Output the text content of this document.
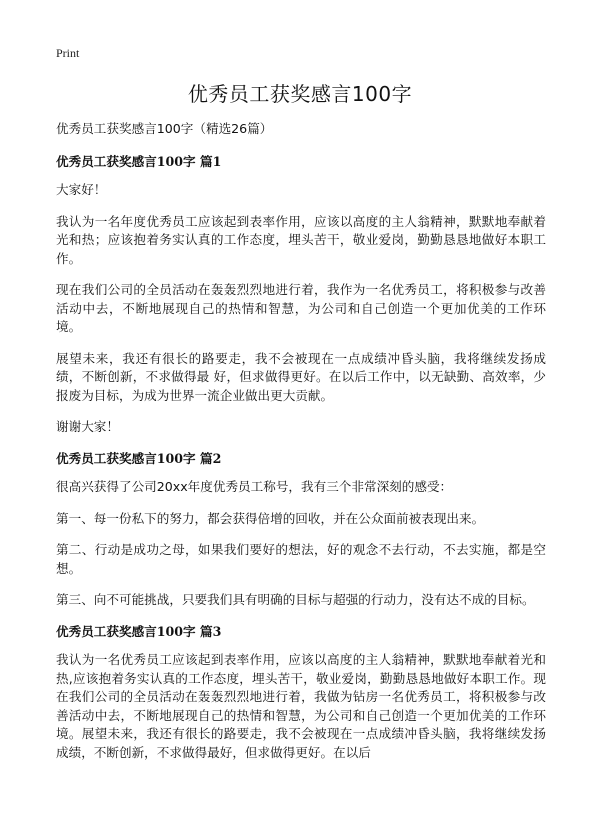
Print
优秀员工获奖感言100字

优秀员工获奖感言100字（精选26篇）

优秀员工获奖感言100字 篇1

大家好！

我认为一名年度优秀员工应该起到表率作用，应该以高度的主人翁精神，默默地奉献着光和热；应该抱着务实认真的工作态度，埋头苦干，敬业爱岗，勤勤恳恳地做好本职工作。

现在我们公司的全员活动在轰轰烈烈地进行着，我作为一名优秀员工，将积极参与改善活动中去，不断地展现自己的热情和智慧，为公司和自己创造一个更加优美的工作环境。

展望未来，我还有很长的路要走，我不会被现在一点成绩冲昏头脑，我将继续发扬成绩，不断创新，不求做得最 好，但求做得更好。在以后工作中，以无缺勤、高效率，少报废为目标，为成为世界一流企业做出更大贡献。

谢谢大家！

优秀员工获奖感言100字 篇2

很高兴获得了公司20xx年度优秀员工称号，我有三个非常深刻的感受：

第一、每一份私下的努力，都会获得倍增的回收，并在公众面前被表现出来。

第二、行动是成功之母，如果我们要好的想法，好的观念不去行动，不去实施，都是空想。

第三、向不可能挑战，只要我们具有明确的目标与超强的行动力，没有达不成的目标。

优秀员工获奖感言100字 篇3

我认为一名优秀员工应该起到表率作用，应该以高度的主人翁精神，默默地奉献着光和热,应该抱着务实认真的工作态度，埋头苦干，敬业爱岗，勤勤恳恳地做好本职工作。现在我们公司的全员活动在轰轰烈烈地进行着，我做为钻房一名优秀员工，将积极参与改善活动中去，不断地展现自己的热情和智慧，为公司和自己创造一个更加优美的工作环境。展望未来，我还有很长的路要走，我不会被现在一点成绩冲昏头脑，我将继续发扬成绩，不断创新，不求做得最好，但求做得更好。在以后
